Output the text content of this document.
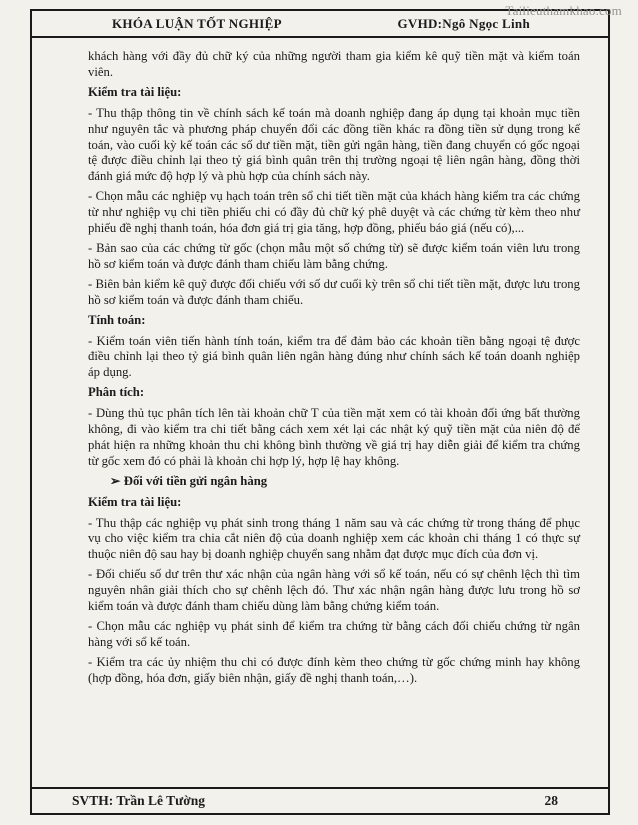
Tailieuthamkhao.com
KHÓA LUẬN TỐT NGHIỆP	GVHD:Ngô Ngọc Linh

khách hàng với đầy đủ chữ ký của những người tham gia kiểm kê quỹ tiền mặt và kiểm toán viên.

Kiểm tra tài liệu:

- Thu thập thông tin về chính sách kế toán mà doanh nghiệp đang áp dụng tại khoản mục tiền như nguyên tắc và phương pháp chuyển đổi các đồng tiền khác ra đồng tiền sử dụng trong kế toán, vào cuối kỳ kế toán các số dư tiền mặt, tiền gửi ngân hàng, tiền đang chuyển có gốc ngoại tệ được điều chỉnh lại theo tỷ giá bình quân trên thị trường ngoại tệ liên ngân hàng, đồng thời đánh giá mức độ hợp lý và phù hợp của chính sách này.

- Chọn mẫu các nghiệp vụ hạch toán trên sổ chi tiết tiền mặt của khách hàng kiểm tra các chứng từ như nghiệp vụ chi tiền phiếu chi có đầy đủ chữ ký phê duyệt và các chứng từ kèm theo như phiếu đề nghị thanh toán, hóa đơn giá trị gia tăng, hợp đồng, phiếu báo giá (nếu có),...

- Bản sao của các chứng từ gốc (chọn mẫu một số chứng từ) sẽ được kiểm toán viên lưu trong hồ sơ kiểm toán và được đánh tham chiếu làm bằng chứng.

- Biên bản kiểm kê quỹ được đối chiếu với số dư cuối kỳ trên sổ chi tiết tiền mặt, được lưu trong hồ sơ kiểm toán và được đánh tham chiếu.

Tính toán:

- Kiểm toán viên tiến hành tính toán, kiểm tra để đảm bảo các khoản tiền bằng ngoại tệ được điều chỉnh lại theo tỷ giá bình quân liên ngân hàng đúng như chính sách kế toán doanh nghiệp áp dụng.

Phân tích:

- Dùng thủ tục phân tích lên tài khoản chữ T của tiền mặt xem có tài khoản đối ứng bất thường không, đi vào kiểm tra chi tiết bằng cách xem xét lại các nhật ký quỹ tiền mặt của niên độ để phát hiện ra những khoản thu chi không bình thường về giá trị hay diễn giải để kiểm tra chứng từ gốc xem đó có phải là khoản chi hợp lý, hợp lệ hay không.

➢ Đối với tiền gửi ngân hàng

Kiểm tra tài liệu:

- Thu thập các nghiệp vụ phát sinh trong tháng 1 năm sau và các chứng từ trong tháng để phục vụ cho việc kiểm tra chia cắt niên độ của doanh nghiệp xem các khoản chi tháng 1 có thực sự thuộc niên độ sau hay bị doanh nghiệp chuyển sang nhằm đạt được mục đích của đơn vị.

- Đối chiếu số dư trên thư xác nhận của ngân hàng với sổ kế toán, nếu có sự chênh lệch thì tìm nguyên nhân giải thích cho sự chênh lệch đó. Thư xác nhận ngân hàng được lưu trong hồ sơ kiểm toán và được đánh tham chiếu dùng làm bằng chứng kiểm toán.

- Chọn mẫu các nghiệp vụ phát sinh để kiểm tra chứng từ bằng cách đối chiếu chứng từ ngân hàng với sổ kế toán.

- Kiểm tra các ủy nhiệm thu chi có được đính kèm theo chứng từ gốc chứng minh hay không (hợp đồng, hóa đơn, giấy biên nhận, giấy đề nghị thanh toán,…).

SVTH: Trần Lê Tường	28
